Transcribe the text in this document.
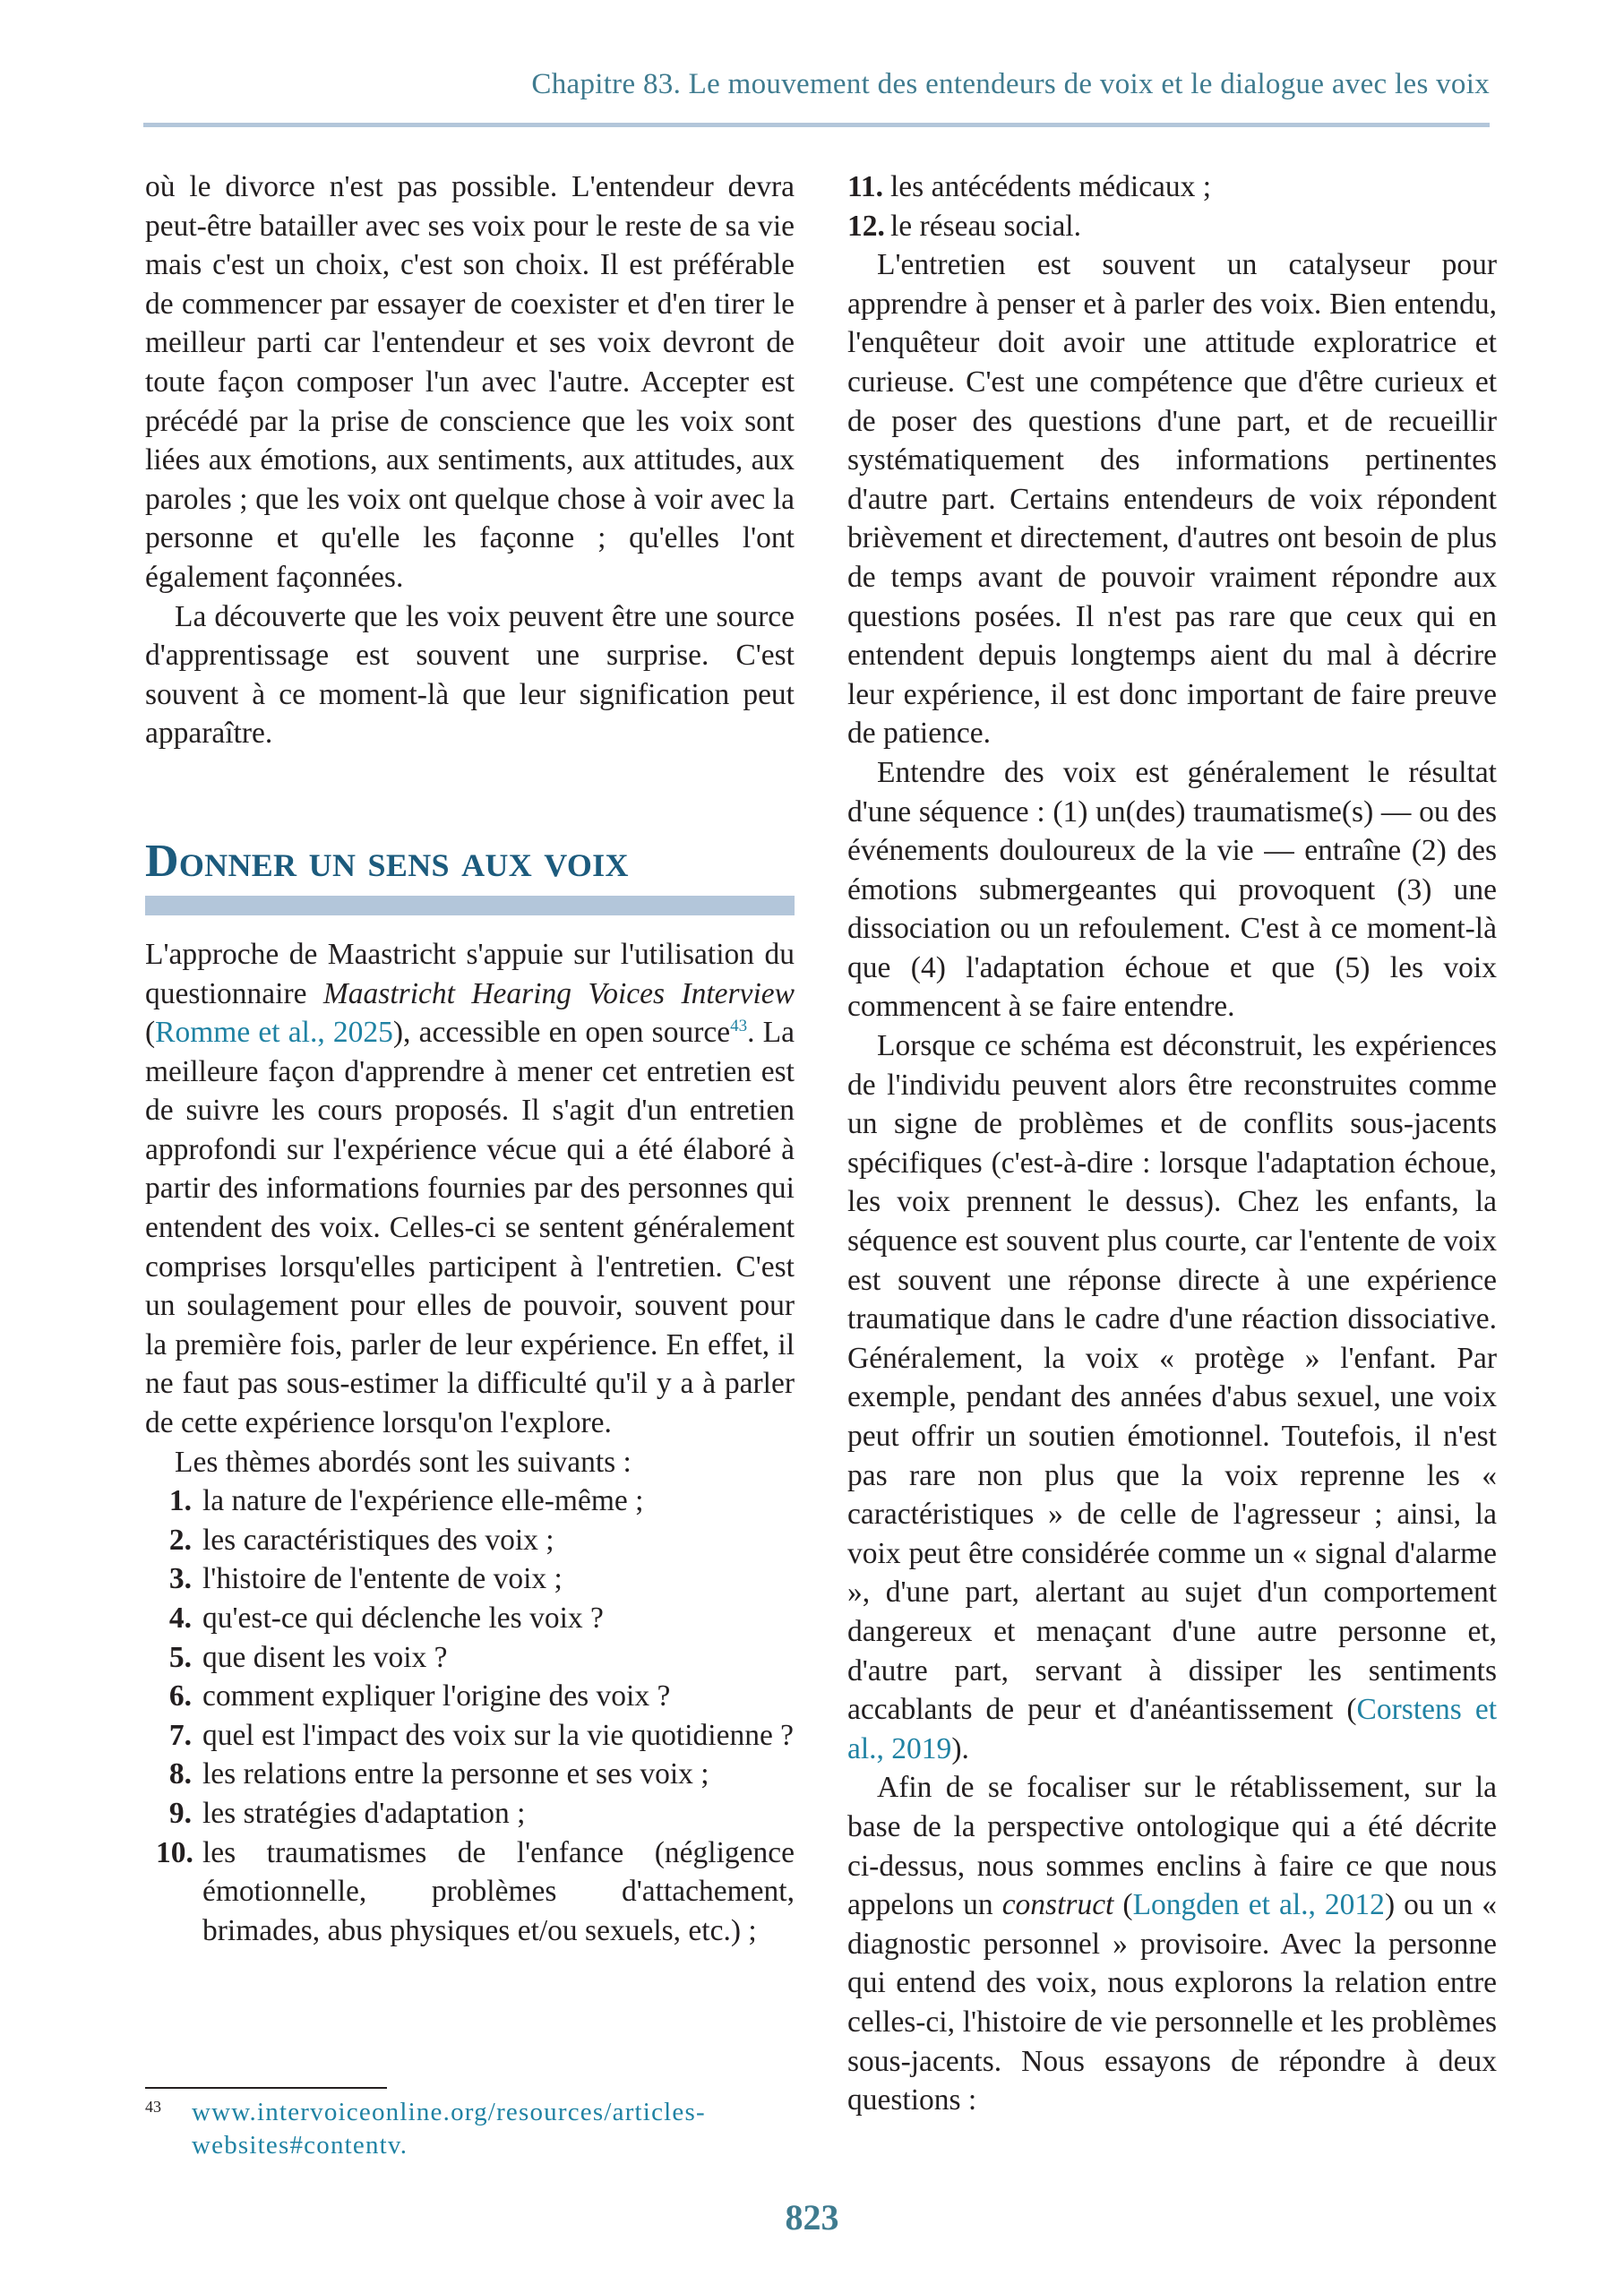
Chapitre 83. Le mouvement des entendeurs de voix et le dialogue avec les voix

où le divorce n'est pas possible. L'entendeur devra peut-être batailler avec ses voix pour le reste de sa vie mais c'est un choix, c'est son choix. Il est préférable de commencer par essayer de coexister et d'en tirer le meilleur parti car l'entendeur et ses voix devront de toute façon composer l'un avec l'autre. Accepter est précédé par la prise de conscience que les voix sont liées aux émotions, aux sentiments, aux attitudes, aux paroles ; que les voix ont quelque chose à voir avec la personne et qu'elle les façonne ; qu'elles l'ont également façonnées.

La découverte que les voix peuvent être une source d'apprentissage est souvent une surprise. C'est souvent à ce moment-là que leur signification peut apparaître.

Donner un sens aux voix

L'approche de Maastricht s'appuie sur l'utilisation du questionnaire Maastricht Hearing Voices Interview (Romme et al., 2025), accessible en open source$^{43}$. La meilleure façon d'apprendre à mener cet entretien est de suivre les cours proposés. Il s'agit d'un entretien approfondi sur l'expérience vécue qui a été élaboré à partir des informations fournies par des personnes qui entendent des voix. Celles-ci se sentent généralement comprises lorsqu'elles participent à l'entretien. C'est un soulagement pour elles de pouvoir, souvent pour la première fois, parler de leur expérience. En effet, il ne faut pas sous-estimer la difficulté qu'il y a à parler de cette expérience lorsqu'on l'explore.

Les thèmes abordés sont les suivants :

1. la nature de l'expérience elle-même ;
2. les caractéristiques des voix ;
3. l'histoire de l'entente de voix ;
4. qu'est-ce qui déclenche les voix ?
5. que disent les voix ?
6. comment expliquer l'origine des voix ?
7. quel est l'impact des voix sur la vie quotidienne ?
8. les relations entre la personne et ses voix ;
9. les stratégies d'adaptation ;
10. les traumatismes de l'enfance (négligence émotionnelle, problèmes d'attachement, brimades, abus physiques et/ou sexuels, etc.) ;
11. les antécédents médicaux ;
12. le réseau social.

L'entretien est souvent un catalyseur pour apprendre à penser et à parler des voix. Bien entendu, l'enquêteur doit avoir une attitude exploratrice et curieuse. C'est une compétence que d'être curieux et de poser des questions d'une part, et de recueillir systématiquement des informations pertinentes d'autre part. Certains entendeurs de voix répondent brièvement et directement, d'autres ont besoin de plus de temps avant de pouvoir vraiment répondre aux questions posées. Il n'est pas rare que ceux qui en entendent depuis longtemps aient du mal à décrire leur expérience, il est donc important de faire preuve de patience.

Entendre des voix est généralement le résultat d'une séquence : (1) un(des) traumatisme(s) — ou des événements douloureux de la vie — entraîne (2) des émotions submergeantes qui provoquent (3) une dissociation ou un refoulement. C'est à ce moment-là que (4) l'adaptation échoue et que (5) les voix commencent à se faire entendre.

Lorsque ce schéma est déconstruit, les expériences de l'individu peuvent alors être reconstruites comme un signe de problèmes et de conflits sous-jacents spécifiques (c'est-à-dire : lorsque l'adaptation échoue, les voix prennent le dessus). Chez les enfants, la séquence est souvent plus courte, car l'entente de voix est souvent une réponse directe à une expérience traumatique dans le cadre d'une réaction dissociative. Généralement, la voix « protège » l'enfant. Par exemple, pendant des années d'abus sexuel, une voix peut offrir un soutien émotionnel. Toutefois, il n'est pas rare non plus que la voix reprenne les « caractéristiques » de celle de l'agresseur ; ainsi, la voix peut être considérée comme un « signal d'alarme », d'une part, alertant au sujet d'un comportement dangereux et menaçant d'une autre personne et, d'autre part, servant à dissiper les sentiments accablants de peur et d'anéantissement (Corstens et al., 2019).

Afin de se focaliser sur le rétablissement, sur la base de la perspective ontologique qui a été décrite ci-dessus, nous sommes enclins à faire ce que nous appelons un construct (Longden et al., 2012) ou un « diagnostic personnel » provisoire. Avec la personne qui entend des voix, nous explorons la relation entre celles-ci, l'histoire de vie personnelle et les problèmes sous-jacents. Nous essayons de répondre à deux questions :

43 www.intervoiceonline.org/resources/articles-websites#contentv.
823
